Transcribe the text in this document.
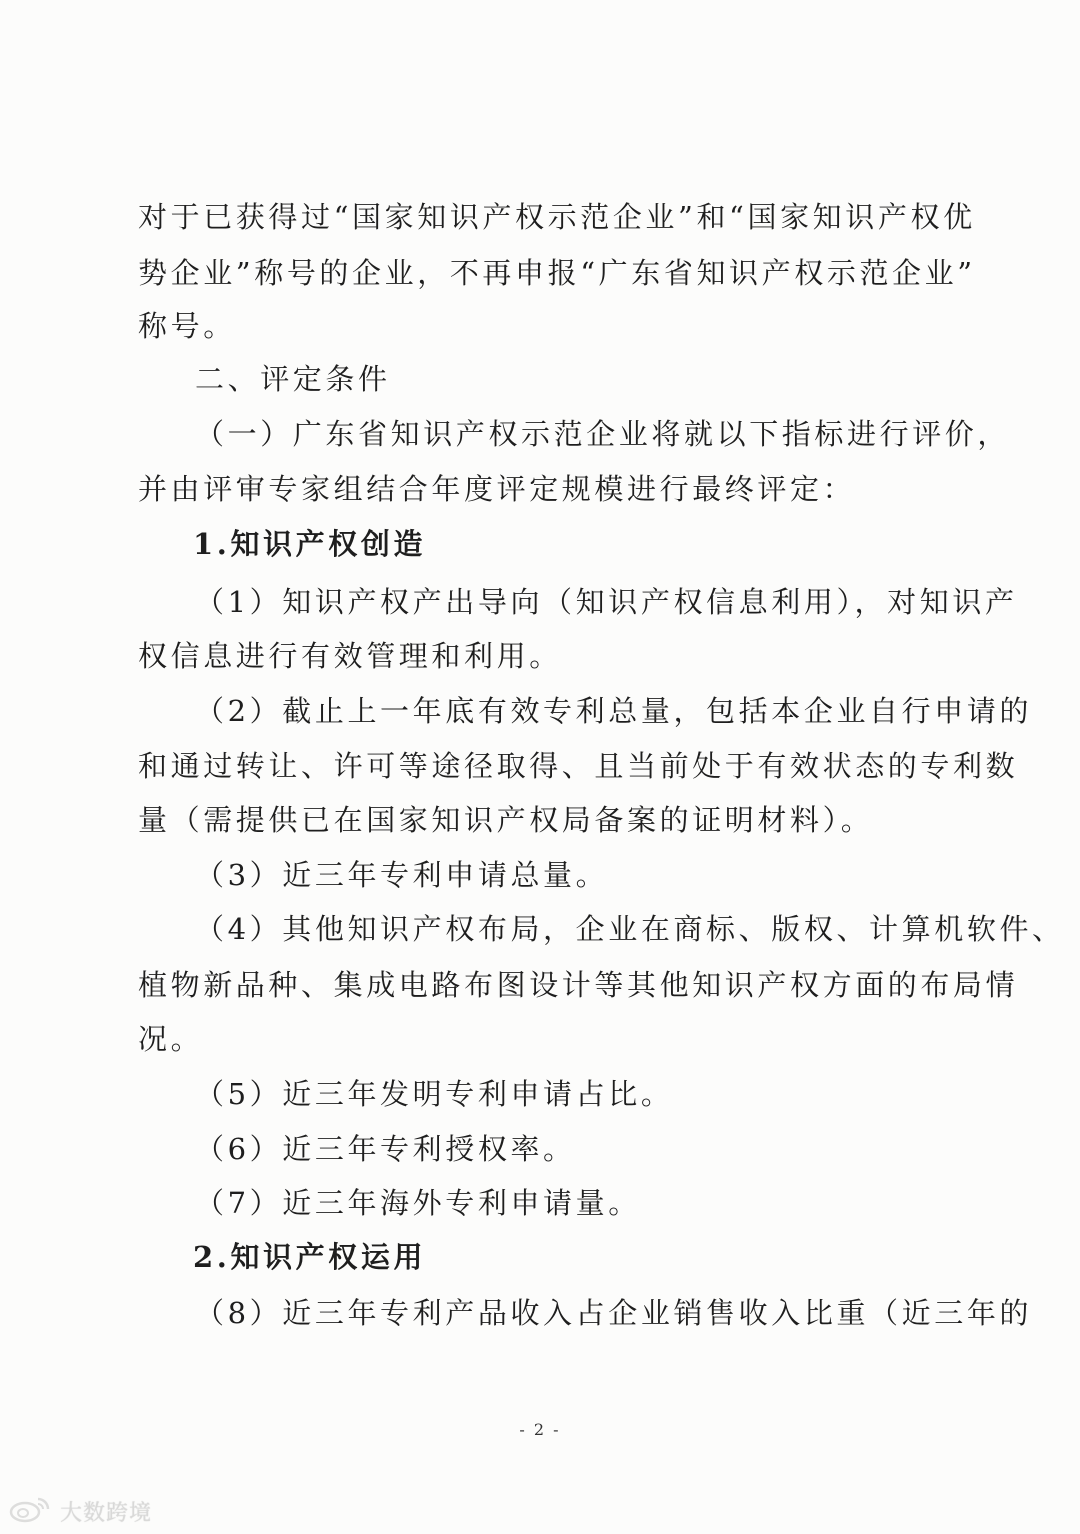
对于已获得过“国家知识产权示范企业”和“国家知识产权优
势企业”称号的企业，不再申报“广东省知识产权示范企业”
称号。
二、评定条件
（一）广东省知识产权示范企业将就以下指标进行评价，
并由评审专家组结合年度评定规模进行最终评定：
1.知识产权创造
（1）知识产权产出导向（知识产权信息利用），对知识产
权信息进行有效管理和利用。
（2）截止上一年底有效专利总量，包括本企业自行申请的
和通过转让、许可等途径取得、且当前处于有效状态的专利数
量（需提供已在国家知识产权局备案的证明材料）。
（3）近三年专利申请总量。
（4）其他知识产权布局，企业在商标、版权、计算机软件、
植物新品种、集成电路布图设计等其他知识产权方面的布局情
况。
（5）近三年发明专利申请占比。
（6）近三年专利授权率。
（7）近三年海外专利申请量。
2.知识产权运用
（8）近三年专利产品收入占企业销售收入比重（近三年的
- 2 -
大数跨境
